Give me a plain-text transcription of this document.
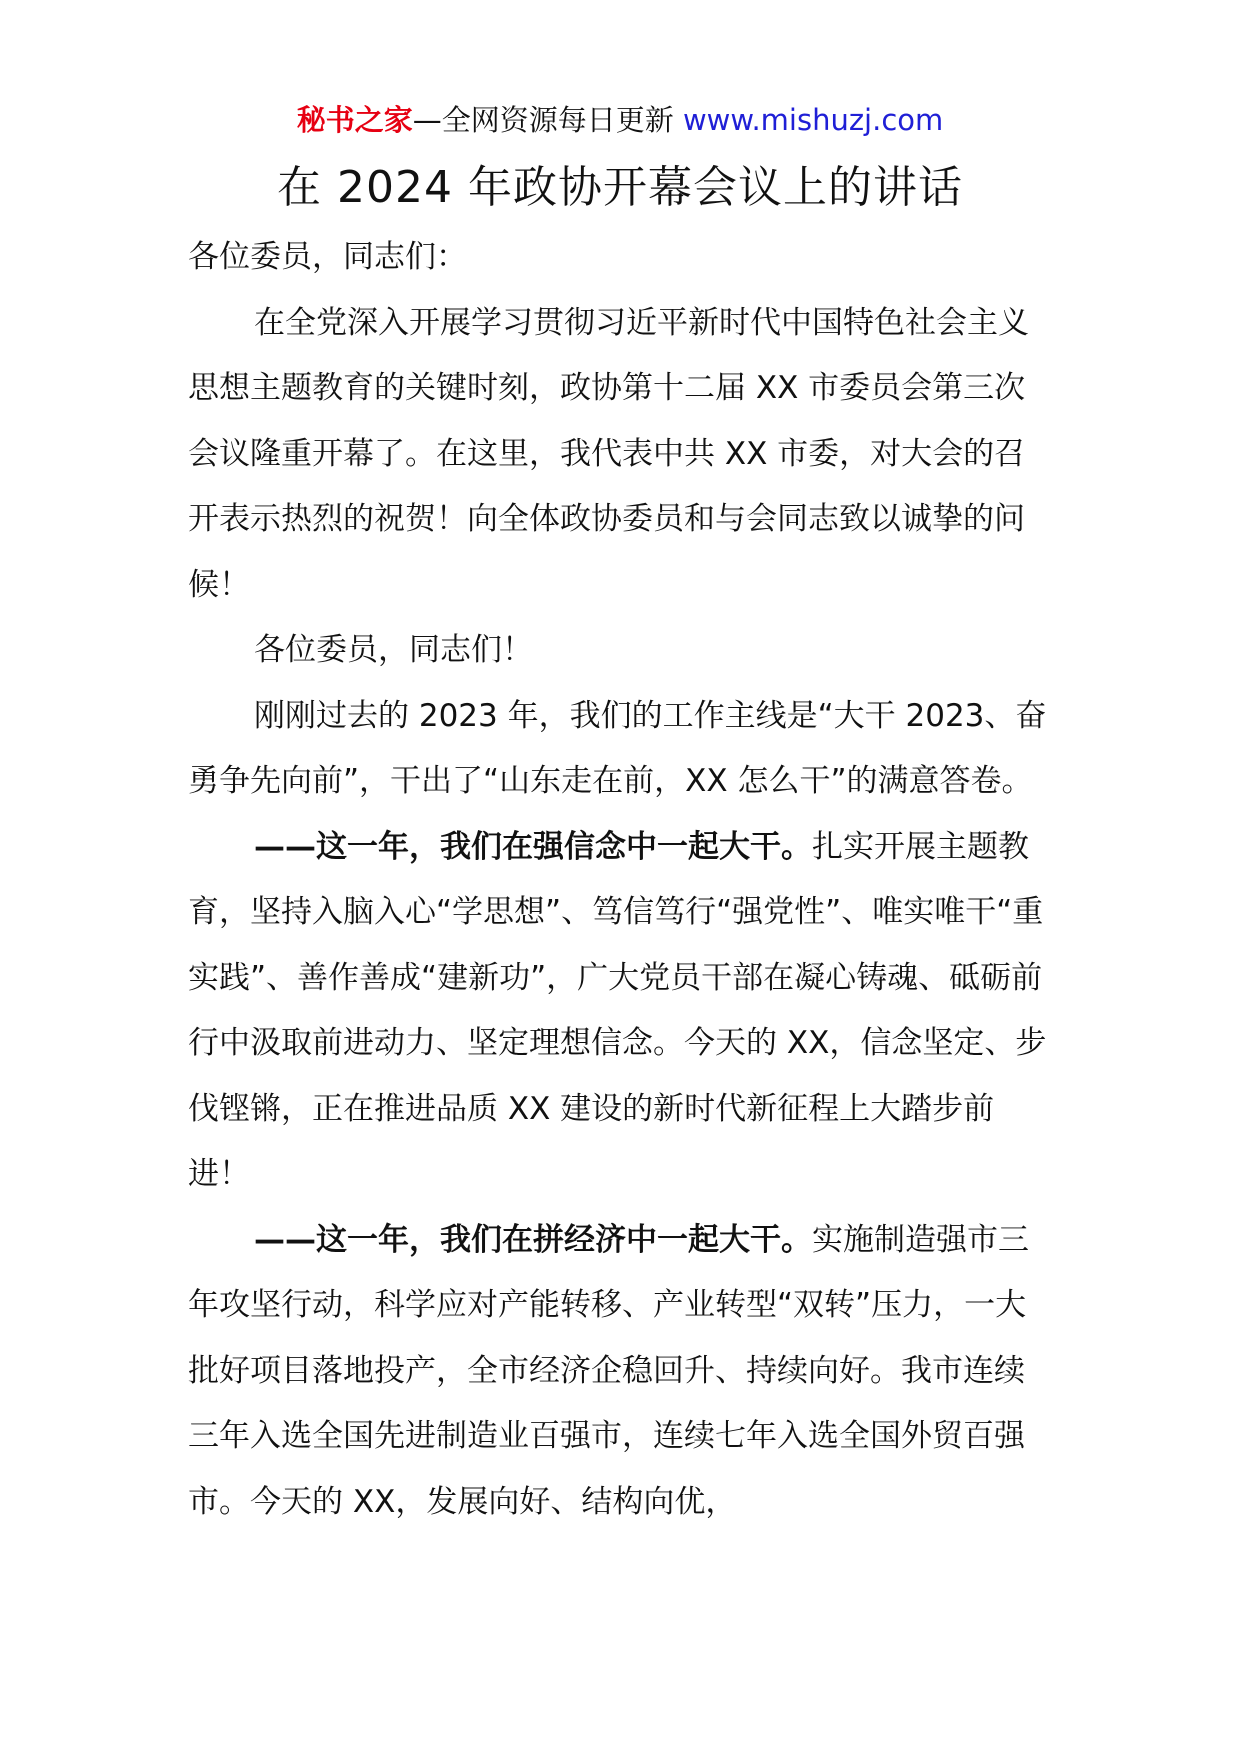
秘书之家—全网资源每日更新 www.mishuzj.com
在 2024 年政协开幕会议上的讲话

各位委员，同志们：

在全党深入开展学习贯彻习近平新时代中国特色社会主义思想主题教育的关键时刻，政协第十二届 XX 市委员会第三次会议隆重开幕了。在这里，我代表中共 XX 市委，对大会的召开表示热烈的祝贺！向全体政协委员和与会同志致以诚挚的问候！

各位委员，同志们！

刚刚过去的 2023 年，我们的工作主线是“大干 2023、奋勇争先向前”，干出了“山东走在前，XX 怎么干”的满意答卷。

——这一年，我们在强信念中一起大干。扎实开展主题教育，坚持入脑入心“学思想”、笃信笃行“强党性”、唯实唯干“重实践”、善作善成“建新功”，广大党员干部在凝心铸魂、砥砺前行中汲取前进动力、坚定理想信念。今天的 XX，信念坚定、步伐铿锵，正在推进品质 XX 建设的新时代新征程上大踏步前进！

——这一年，我们在拼经济中一起大干。实施制造强市三年攻坚行动，科学应对产能转移、产业转型“双转”压力，一大批好项目落地投产，全市经济企稳回升、持续向好。我市连续三年入选全国先进制造业百强市，连续七年入选全国外贸百强市。今天的 XX，发展向好、结构向优，
